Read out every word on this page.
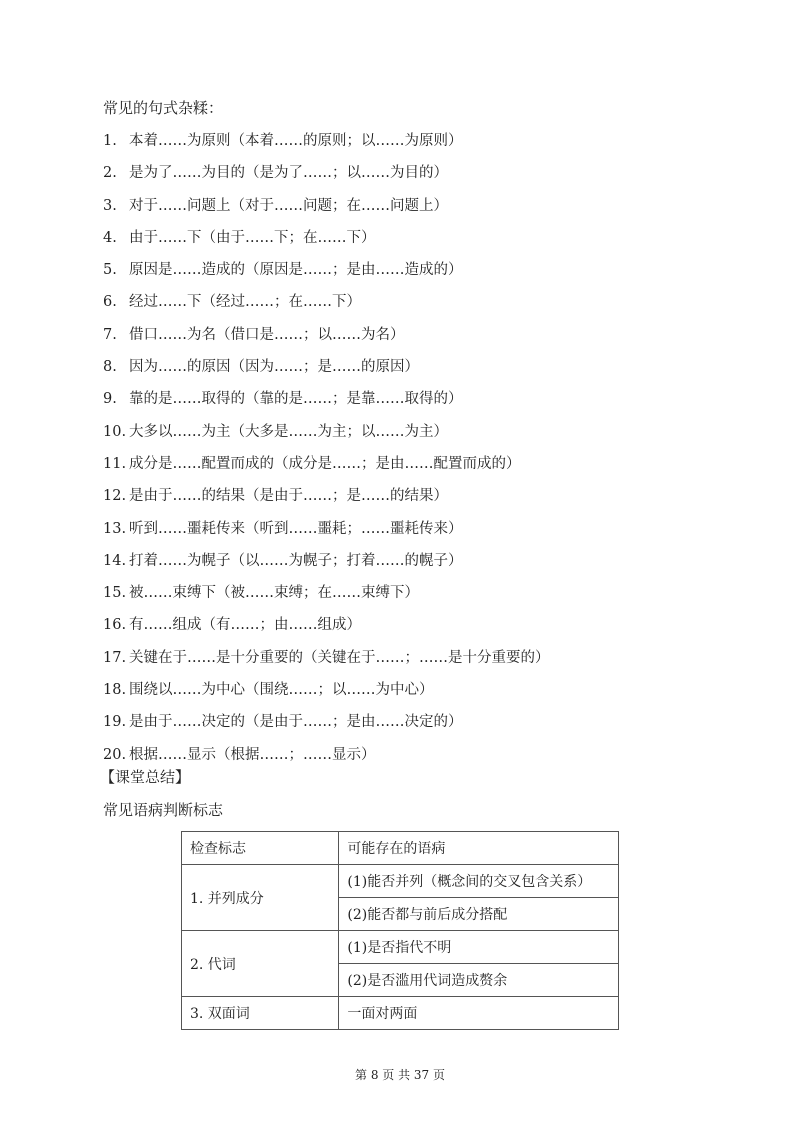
常见的句式杂糅：
1. 本着……为原则（本着……的原则；以……为原则）
2. 是为了……为目的（是为了……；以……为目的）
3. 对于……问题上（对于……问题；在……问题上）
4. 由于……下（由于……下；在……下）
5. 原因是……造成的（原因是……；是由……造成的）
6. 经过……下（经过……；在……下）
7. 借口……为名（借口是……；以……为名）
8. 因为……的原因（因为……；是……的原因）
9. 靠的是……取得的（靠的是……；是靠……取得的）
10. 大多以……为主（大多是……为主；以……为主）
11. 成分是……配置而成的（成分是……；是由……配置而成的）
12. 是由于……的结果（是由于……；是……的结果）
13. 听到……噩耗传来（听到……噩耗；……噩耗传来）
14. 打着……为幌子（以……为幌子；打着……的幌子）
15. 被……束缚下（被……束缚；在……束缚下）
16. 有……组成（有……；由……组成）
17. 关键在于……是十分重要的（关键在于……；……是十分重要的）
18. 围绕以……为中心（围绕……；以……为中心）
19. 是由于……决定的（是由于……；是由……决定的）
20. 根据……显示（根据……；……显示）
【课堂总结】
常见语病判断标志
检查标志	可能存在的语病
1. 并列成分	(1)能否并列（概念间的交叉包含关系）
	(2)能否都与前后成分搭配
2. 代词	(1)是否指代不明
	(2)是否滥用代词造成赘余
3. 双面词	一面对两面
第 8 页 共 37 页
